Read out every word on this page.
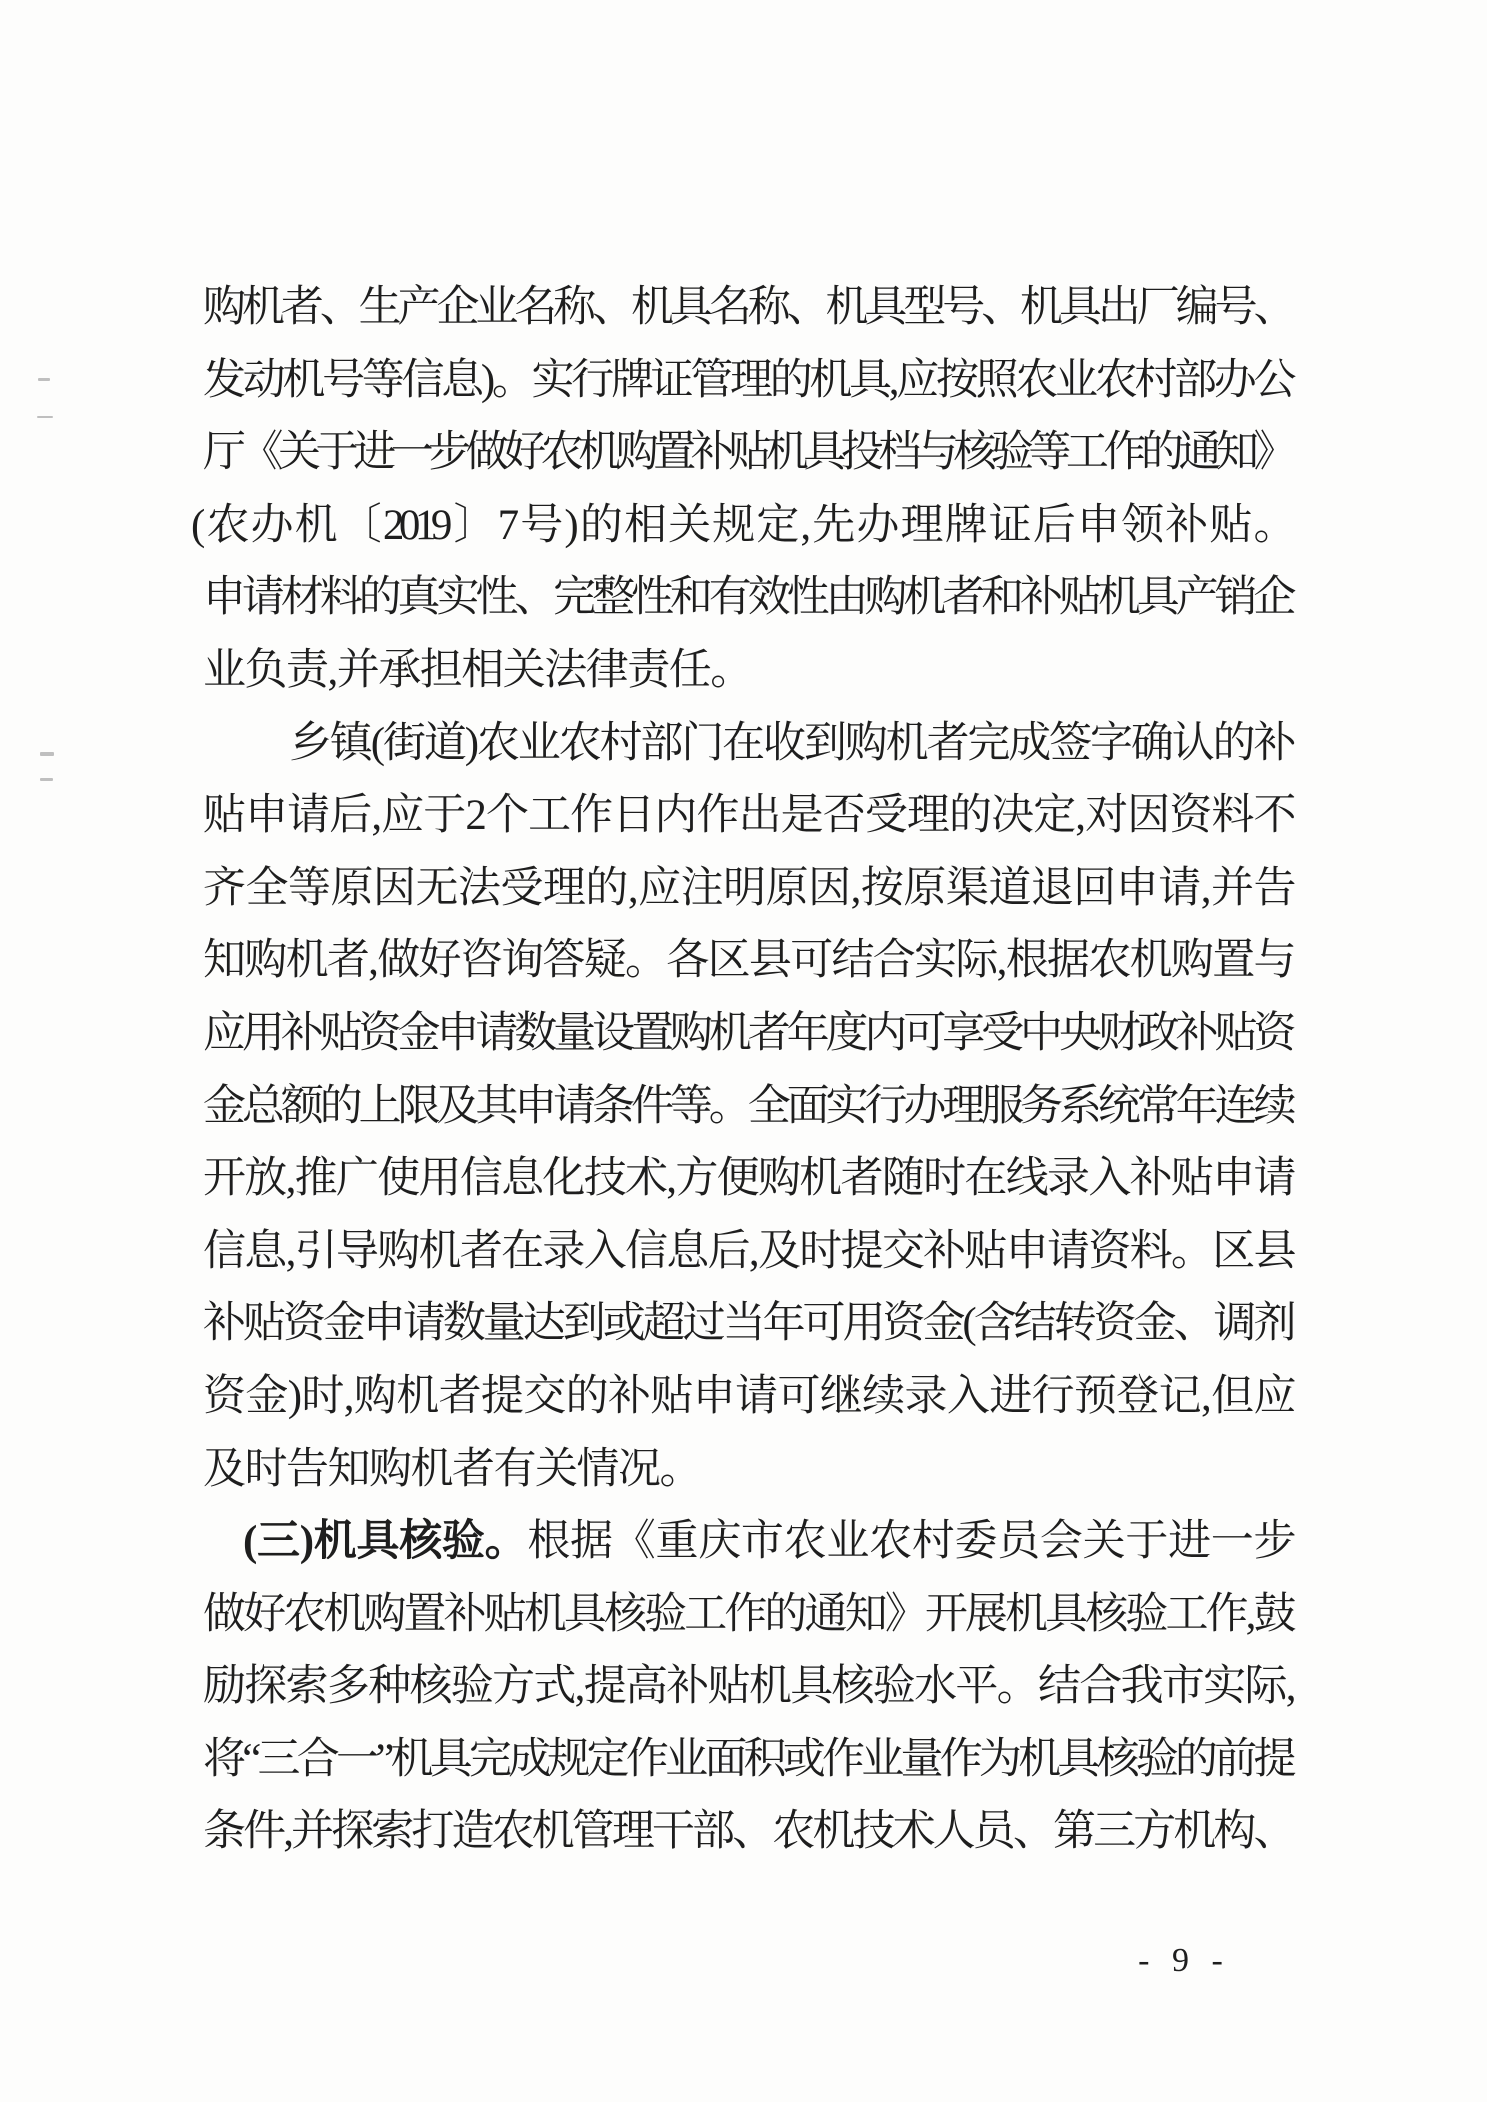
购机者、生产企业名称、机具名称、机具型号、机具出厂编号、
发动机号等信息)。实行牌证管理的机具,应按照农业农村部办公
厅《关于进一步做好农机购置补贴机具投档与核验等工作的通知》
(农办机〔2019〕7号)的相关规定,先办理牌证后申领补贴。
申请材料的真实性、完整性和有效性由购机者和补贴机具产销企
业负责,并承担相关法律责任。
乡镇(街道)农业农村部门在收到购机者完成签字确认的补
贴申请后,应于2个工作日内作出是否受理的决定,对因资料不
齐全等原因无法受理的,应注明原因,按原渠道退回申请,并告
知购机者,做好咨询答疑。各区县可结合实际,根据农机购置与
应用补贴资金申请数量设置购机者年度内可享受中央财政补贴资
金总额的上限及其申请条件等。全面实行办理服务系统常年连续
开放,推广使用信息化技术,方便购机者随时在线录入补贴申请
信息,引导购机者在录入信息后,及时提交补贴申请资料。区县
补贴资金申请数量达到或超过当年可用资金(含结转资金、调剂
资金)时,购机者提交的补贴申请可继续录入进行预登记,但应
及时告知购机者有关情况。
(三)机具核验。根据《重庆市农业农村委员会关于进一步
做好农机购置补贴机具核验工作的通知》开展机具核验工作,鼓
励探索多种核验方式,提高补贴机具核验水平。结合我市实际,
将“三合一”机具完成规定作业面积或作业量作为机具核验的前提
条件,并探索打造农机管理干部、农机技术人员、第三方机构、
- 9 -
